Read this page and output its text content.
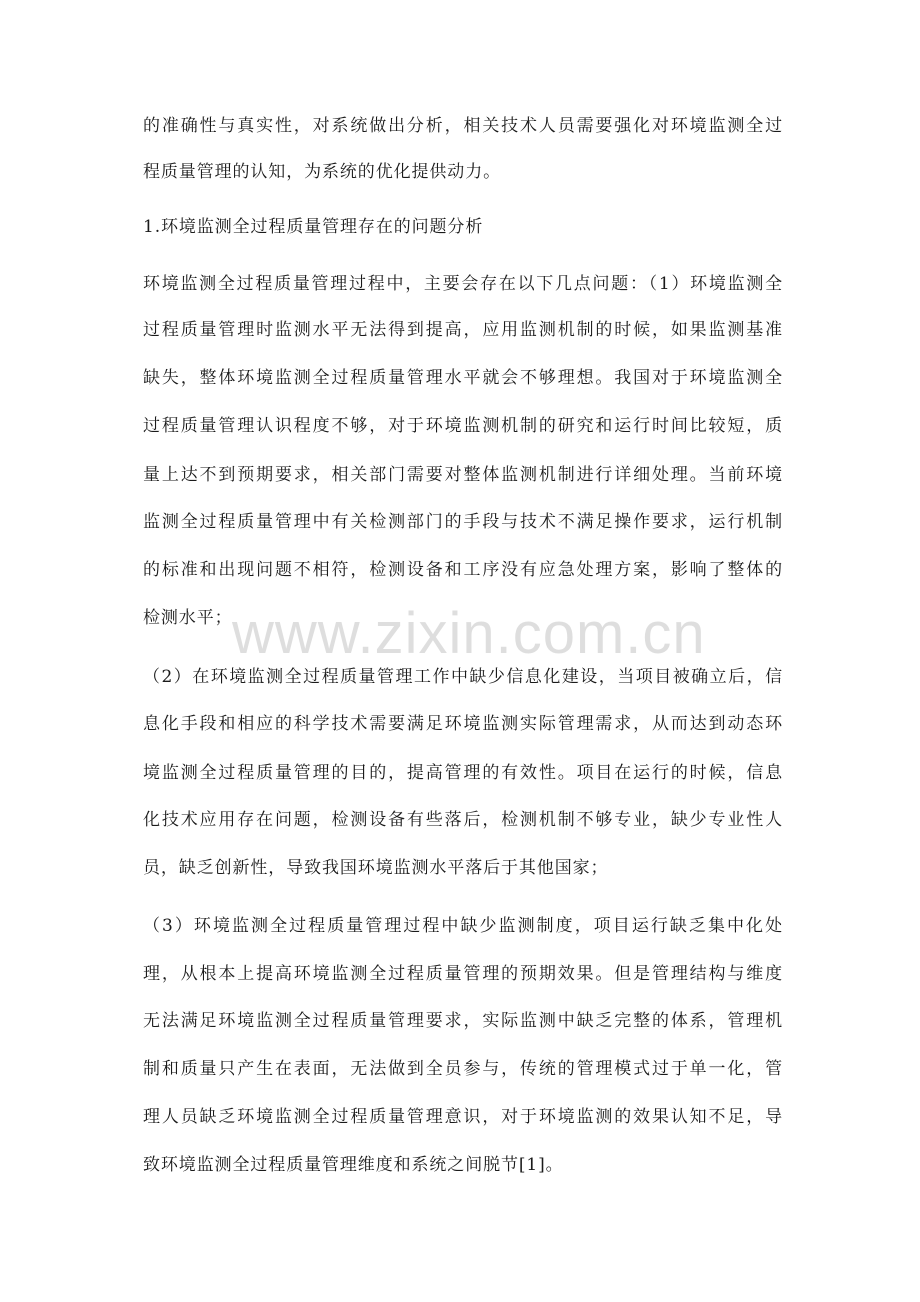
www.zixin.com.cn
的准确性与真实性，对系统做出分析，相关技术人员需要强化对环境监测全过
程质量管理的认知，为系统的优化提供动力。
1.环境监测全过程质量管理存在的问题分析
环境监测全过程质量管理过程中，主要会存在以下几点问题：（1）环境监测全
过程质量管理时监测水平无法得到提高，应用监测机制的时候，如果监测基准
缺失，整体环境监测全过程质量管理水平就会不够理想。我国对于环境监测全
过程质量管理认识程度不够，对于环境监测机制的研究和运行时间比较短，质
量上达不到预期要求，相关部门需要对整体监测机制进行详细处理。当前环境
监测全过程质量管理中有关检测部门的手段与技术不满足操作要求，运行机制
的标准和出现问题不相符，检测设备和工序没有应急处理方案，影响了整体的
检测水平；
（2）在环境监测全过程质量管理工作中缺少信息化建设，当项目被确立后，信
息化手段和相应的科学技术需要满足环境监测实际管理需求，从而达到动态环
境监测全过程质量管理的目的，提高管理的有效性。项目在运行的时候，信息
化技术应用存在问题，检测设备有些落后，检测机制不够专业，缺少专业性人
员，缺乏创新性，导致我国环境监测水平落后于其他国家；
（3）环境监测全过程质量管理过程中缺少监测制度，项目运行缺乏集中化处
理，从根本上提高环境监测全过程质量管理的预期效果。但是管理结构与维度
无法满足环境监测全过程质量管理要求，实际监测中缺乏完整的体系，管理机
制和质量只产生在表面，无法做到全员参与，传统的管理模式过于单一化，管
理人员缺乏环境监测全过程质量管理意识，对于环境监测的效果认知不足，导
致环境监测全过程质量管理维度和系统之间脱节[1]。
